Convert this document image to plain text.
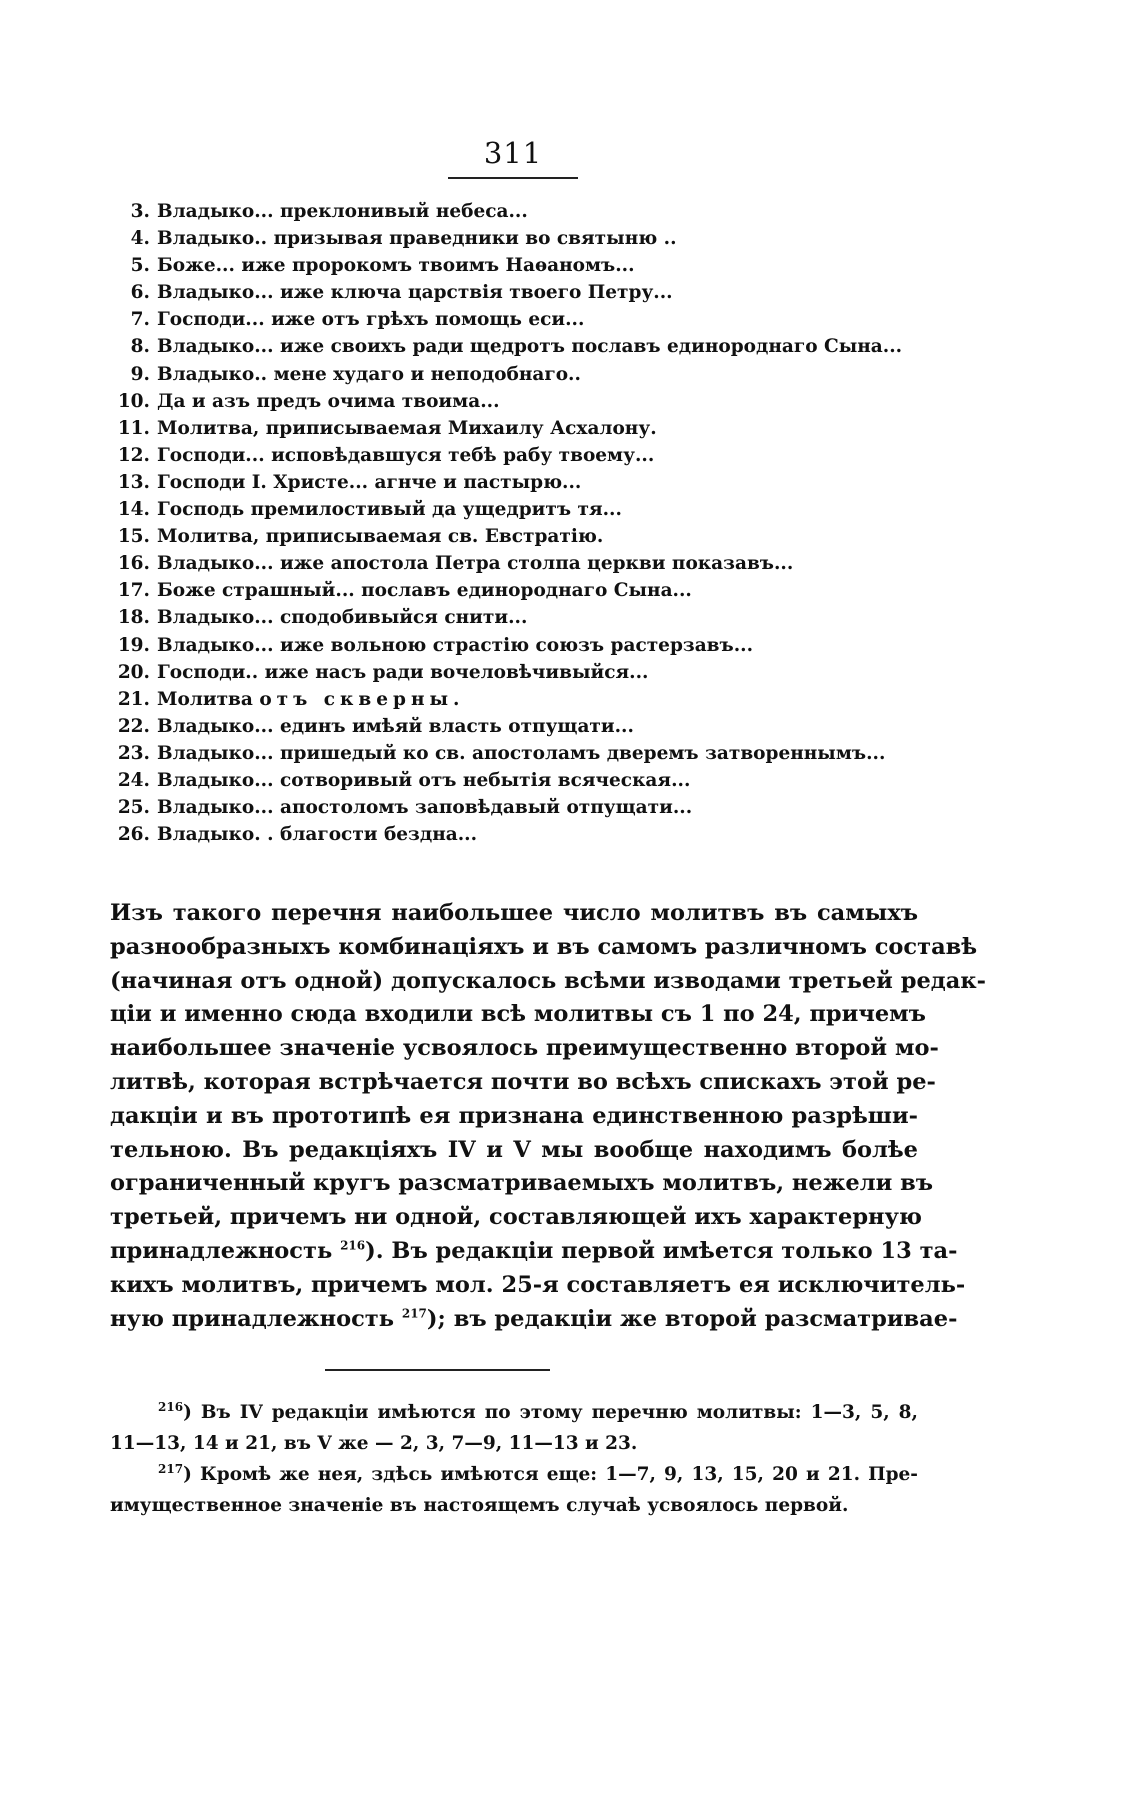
311
3. Владыко... преклонивый небеса...
4. Владыко.. призывая праведники во святыню ..
5. Боже... иже пророкомъ твоимъ Наѳаномъ...
6. Владыко... иже ключа царствія твоего Петру...
7. Господи... иже отъ грѣхъ помощь еси...
8. Владыко... иже своихъ ради щедротъ пославъ единороднаго Сына...
9. Владыко.. мене худаго и неподобнаго..
10. Да и азъ предъ очима твоима...
11. Молитва, приписываемая Михаилу Асхалону.
12. Господи... исповѣдавшуся тебѣ рабу твоему...
13. Господи І. Христе... агнче и пастырю...
14. Господь премилостивый да ущедритъ тя...
15. Молитва, приписываемая св. Евстратію.
16. Владыко... иже апостола Петра столпа церкви показавъ...
17. Боже страшный... пославъ единороднаго Сына...
18. Владыко... сподобивыйся снити...
19. Владыко... иже вольною страстію союзъ растерзавъ...
20. Господи.. иже насъ ради вочеловѣчивыйся...
21. Молитва отъ скверны.
22. Владыко... единъ имѣяй власть отпущати...
23. Владыко... пришедый ко св. апостоламъ дверемъ затвореннымъ...
24. Владыко... сотворивый отъ небытія всяческая...
25. Владыко... апостоломъ заповѣдавый отпущати...
26. Владыко. . благости бездна...
Изъ такого перечня наибольшее число молитвъ въ самыхъ
разнообразныхъ комбинаціяхъ и въ самомъ различномъ составѣ
(начиная отъ одной) допускалось всѣми изводами третьей редак-
ціи и именно сюда входили всѣ молитвы съ 1 по 24, причемъ
наибольшее значеніе усвоялось преимущественно второй мо-
литвѣ, которая встрѣчается почти во всѣхъ спискахъ этой ре-
дакціи и въ прототипѣ ея признана единственною разрѣши-
тельною. Въ редакціяхъ IV и V мы вообще находимъ болѣе
ограниченный кругъ разсматриваемыхъ молитвъ, нежели въ
третьей, причемъ ни одной, составляющей ихъ характерную
принадлежность $^{216}$). Въ редакціи первой имѣется только 13 та-
кихъ молитвъ, причемъ мол. 25-я составляетъ ея исключитель-
ную принадлежность $^{217}$); въ редакціи же второй разсматривае-
$^{216}$) Въ IV редакціи имѣются по этому перечню молитвы: 1—3, 5, 8,
11—13, 14 и 21, въ V же — 2, 3, 7—9, 11—13 и 23.
$^{217}$) Кромѣ же нея, здѣсь имѣются еще: 1—7, 9, 13, 15, 20 и 21. Пре-
имущественное значеніе въ настоящемъ случаѣ усвоялось первой.
